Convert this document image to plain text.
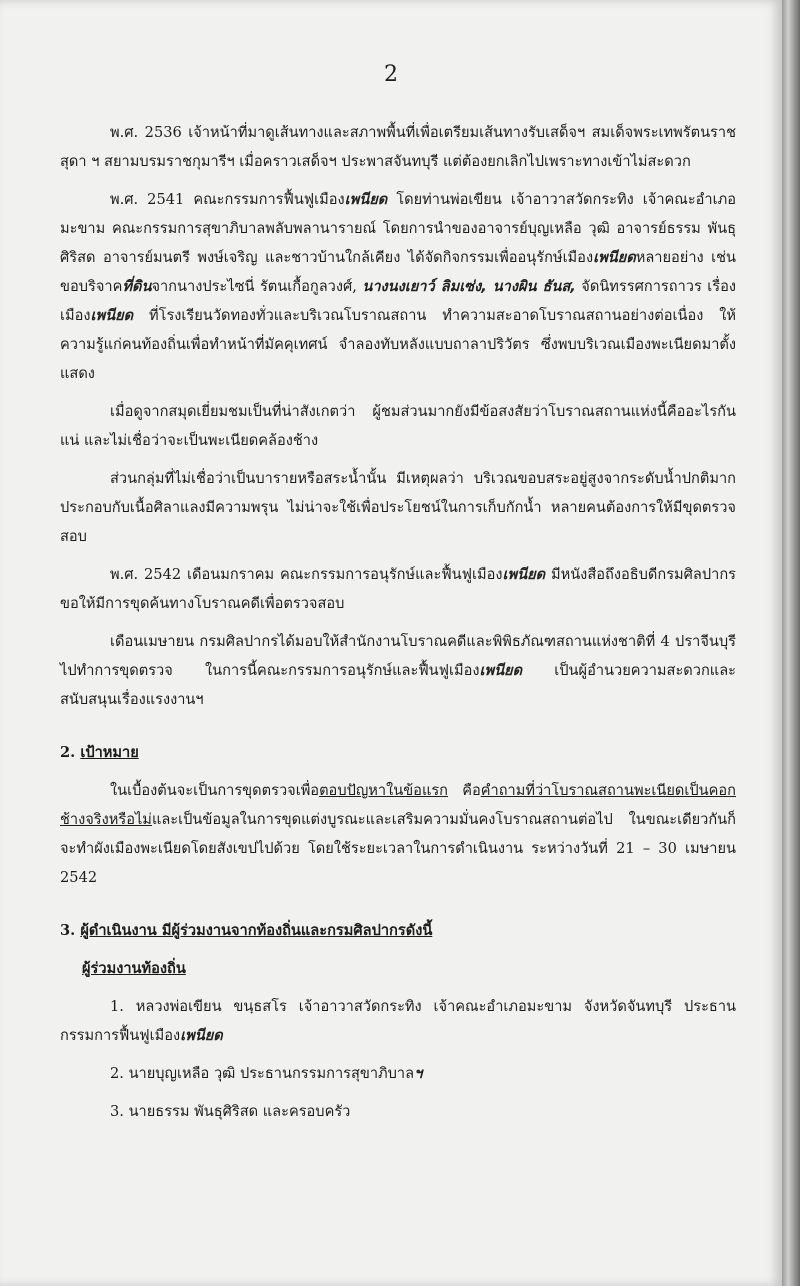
2

พ.ศ. 2536 เจ้าหน้าที่มาดูเส้นทางและสภาพพื้นที่เพื่อเตรียมเส้นทางรับเสด็จฯ สมเด็จพระเทพรัตนราชสุดา ฯ สยามบรมราชกุมารีฯ เมื่อคราวเสด็จฯ ประพาสจันทบุรี แต่ต้องยกเลิกไปเพราะทางเข้าไม่สะดวก

พ.ศ. 2541 คณะกรรมการฟื้นฟูเมืองเพนียด โดยท่านพ่อเขียน เจ้าอาวาสวัดกระทิง เจ้าคณะอำเภอมะขาม คณะกรรมการสุขาภิบาลพลับพลานารายณ์ โดยการนำของอาจารย์บุญเหลือ วุฒิ อาจารย์ธรรม พันธุศิริสด อาจารย์มนตรี พงษ์เจริญ และชาวบ้านใกล้เคียง ได้จัดกิจกรรมเพื่ออนุรักษ์เมืองเพนียดหลายอย่าง เช่น ขอบริจาคที่ดินจากนางประไซนี่ รัตนเกื้อกูลวงศ์, นางนงเยาว์ ลิมเซ่ง, นางผิน ธันส, จัดนิทรรศการถาวร เรื่องเมืองเพนียด ที่โรงเรียนวัดทองทั่วและบริเวณโบราณสถาน ทำความสะอาดโบราณสถานอย่างต่อเนื่อง ให้ความรู้แก่คนท้องถิ่นเพื่อทำหน้าที่มัคคุเทศน์ จำลองทับหลังแบบถาลาปริวัตร ซึ่งพบบริเวณเมืองพะเนียดมาตั้งแสดง

เมื่อดูจากสมุดเยี่ยมชมเป็นที่น่าสังเกตว่า ผู้ชมส่วนมากยังมีข้อสงสัยว่าโบราณสถานแห่งนี้คืออะไรกันแน่ และไม่เชื่อว่าจะเป็นพะเนียดคล้องช้าง

ส่วนกลุ่มที่ไม่เชื่อว่าเป็นบารายหรือสระน้ำนั้น มีเหตุผลว่า บริเวณขอบสระอยู่สูงจากระดับน้ำปกติมาก ประกอบกับเนื้อศิลาแลงมีความพรุน ไม่น่าจะใช้เพื่อประโยชน์ในการเก็บกักน้ำ หลายคนต้องการให้มีขุดตรวจสอบ

พ.ศ. 2542 เดือนมกราคม คณะกรรมการอนุรักษ์และฟื้นฟูเมืองเพนียด มีหนังสือถึงอธิบดีกรมศิลปากรขอให้มีการขุดค้นทางโบราณคดีเพื่อตรวจสอบ

เดือนเมษายน กรมศิลปากรได้มอบให้สำนักงานโบราณคดีและพิพิธภัณฑสถานแห่งชาติที่ 4 ปราจีนบุรีไปทำการขุดตรวจ ในการนี้คณะกรรมการอนุรักษ์และฟื้นฟูเมืองเพนียด เป็นผู้อำนวยความสะดวกและสนับสนุนเรื่องแรงงานฯ

2. เป้าหมาย

ในเบื้องต้นจะเป็นการขุดตรวจเพื่อตอบปัญหาในข้อแรก คือคำถามที่ว่าโบราณสถานพะเนียดเป็นคอกช้างจริงหรือไม่และเป็นข้อมูลในการขุดแต่งบูรณะและเสริมความมั่นคงโบราณสถานต่อไป ในขณะเดียวกันก็จะทำผังเมืองพะเนียดโดยสังเขปไปด้วย โดยใช้ระยะเวลาในการดำเนินงาน ระหว่างวันที่ 21 – 30 เมษายน 2542

3. ผู้ดำเนินงาน มีผู้ร่วมงานจากท้องถิ่นและกรมศิลปากรดังนี้

ผู้ร่วมงานท้องถิ่น

1. หลวงพ่อเขียน ขนฺธสโร เจ้าอาวาสวัดกระทิง เจ้าคณะอำเภอมะขาม จังหวัดจันทบุรี ประธานกรรมการฟื้นฟูเมืองเพนียด

2. นายบุญเหลือ วุฒิ ประธานกรรมการสุขาภิบาลฯ

3. นายธรรม พันธุศิริสด และครอบครัว
